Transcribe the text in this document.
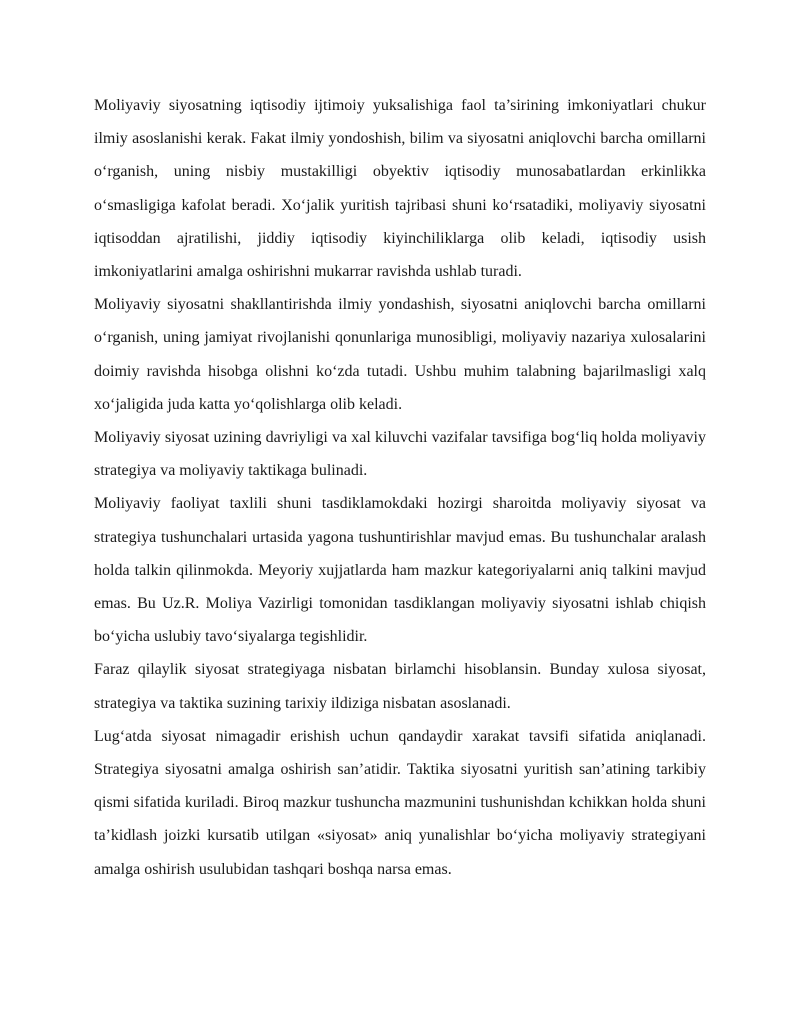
Moliyaviy siyosatning iqtisodiy ijtimoiy yuksalishiga faol ta’sirining imkoniyatlari chukur ilmiy asoslanishi kerak. Fakat ilmiy yondoshish, bilim va siyosatni aniqlovchi barcha omillarni o‘rganish, uning nisbiy mustakilligi obyektiv iqtisodiy munosabatlardan erkinlikka o‘smasligiga kafolat beradi. Xo‘jalik yuritish tajribasi shuni ko‘rsatadiki, moliyaviy siyosatni iqtisoddan ajratilishi, jiddiy iqtisodiy kiyinchiliklarga olib keladi, iqtisodiy usish imkoniyatlarini amalga oshirishni mukarrar ravishda ushlab turadi.

Moliyaviy siyosatni shakllantirishda ilmiy yondashish, siyosatni aniqlovchi barcha omillarni o‘rganish, uning jamiyat rivojlanishi qonunlariga munosibligi, moliyaviy nazariya xulosalarini doimiy ravishda hisobga olishni ko‘zda tutadi. Ushbu muhim talabning bajarilmasligi xalq xo‘jaligida juda katta yo‘qolishlarga olib keladi.

Moliyaviy siyosat uzining davriyligi va xal kiluvchi vazifalar tavsifiga bog‘liq holda moliyaviy strategiya va moliyaviy taktikaga bulinadi.

Moliyaviy faoliyat taxlili shuni tasdiklamokdaki hozirgi sharoitda moliyaviy siyosat va strategiya tushunchalari urtasida yagona tushuntirishlar mavjud emas. Bu tushunchalar aralash holda talkin qilinmokda. Meyoriy xujjatlarda ham mazkur kategoriyalarni aniq talkini mavjud emas. Bu Uz.R. Moliya Vazirligi tomonidan tasdiklangan moliyaviy siyosatni ishlab chiqish bo‘yicha uslubiy tavo‘siyalarga tegishlidir.

Faraz qilaylik siyosat strategiyaga nisbatan birlamchi hisoblansin. Bunday xulosa siyosat, strategiya va taktika suzining tarixiy ildiziga nisbatan asoslanadi.

Lug‘atda siyosat nimagadir erishish uchun qandaydir xarakat tavsifi sifatida aniqlanadi. Strategiya siyosatni amalga oshirish san’atidir. Taktika siyosatni yuritish san’atining tarkibiy qismi sifatida kuriladi. Biroq mazkur tushuncha mazmunini tushunishdan kchikkan holda shuni ta’kidlash joizki kursatib utilgan «siyosat» aniq yunalishlar bo‘yicha moliyaviy strategiyani amalga oshirish usulubidan tashqari boshqa narsa emas.
